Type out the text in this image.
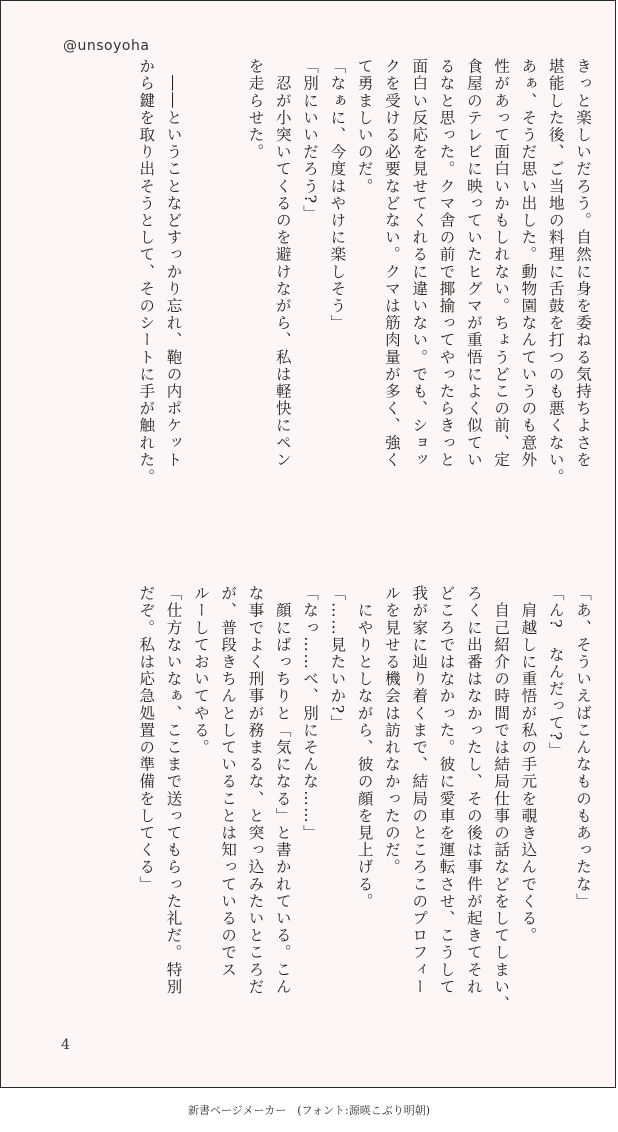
@unsoyoha
きっと楽しいだろう。自然に身を委ねる気持ちよさを
堪能した後、ご当地の料理に舌鼓を打つのも悪くない。
あぁ、そうだ思い出した。動物園なんていうのも意外
性があって面白いかもしれない。ちょうどこの前、定
食屋のテレビに映っていたヒグマが重悟によく似てい
るなと思った。クマ舎の前で揶揄ってやったらきっと
面白い反応を見せてくれるに違いない。でも、ショッ
クを受ける必要などない。クマは筋肉量が多く、強く
て勇ましいのだ。
「なぁに、今度はやけに楽しそう」
「別にいいだろう?」
　忍が小突いてくるのを避けながら、私は軽快にペン
を走らせた。
　――ということなどすっかり忘れ、鞄の内ポケット
から鍵を取り出そうとして、そのシートに手が触れた。
「あ、そういえばこんなものもあったな」
「ん?　なんだって?」
　肩越しに重悟が私の手元を覗き込んでくる。
　自己紹介の時間では結局仕事の話などをしてしまい、
ろくに出番はなかったし、その後は事件が起きてそれ
どころではなかった。彼に愛車を運転させ、こうして
我が家に辿り着くまで、結局のところこのプロフィー
ルを見せる機会は訪れなかったのだ。
　にやりとしながら、彼の顔を見上げる。
「……見たいか?」
「なっ……べ、別にそんな……」
　顔にばっちりと「気になる」と書かれている。こん
な事でよく刑事が務まるな、と突っ込みたいところだ
が、普段きちんとしていることは知っているのでス
ルーしておいてやる。
「仕方ないなぁ、ここまで送ってもらった礼だ。特別
だぞ。私は応急処置の準備をしてくる」
4
新書ページメーカー　(フォント:源暎こぶり明朝)
